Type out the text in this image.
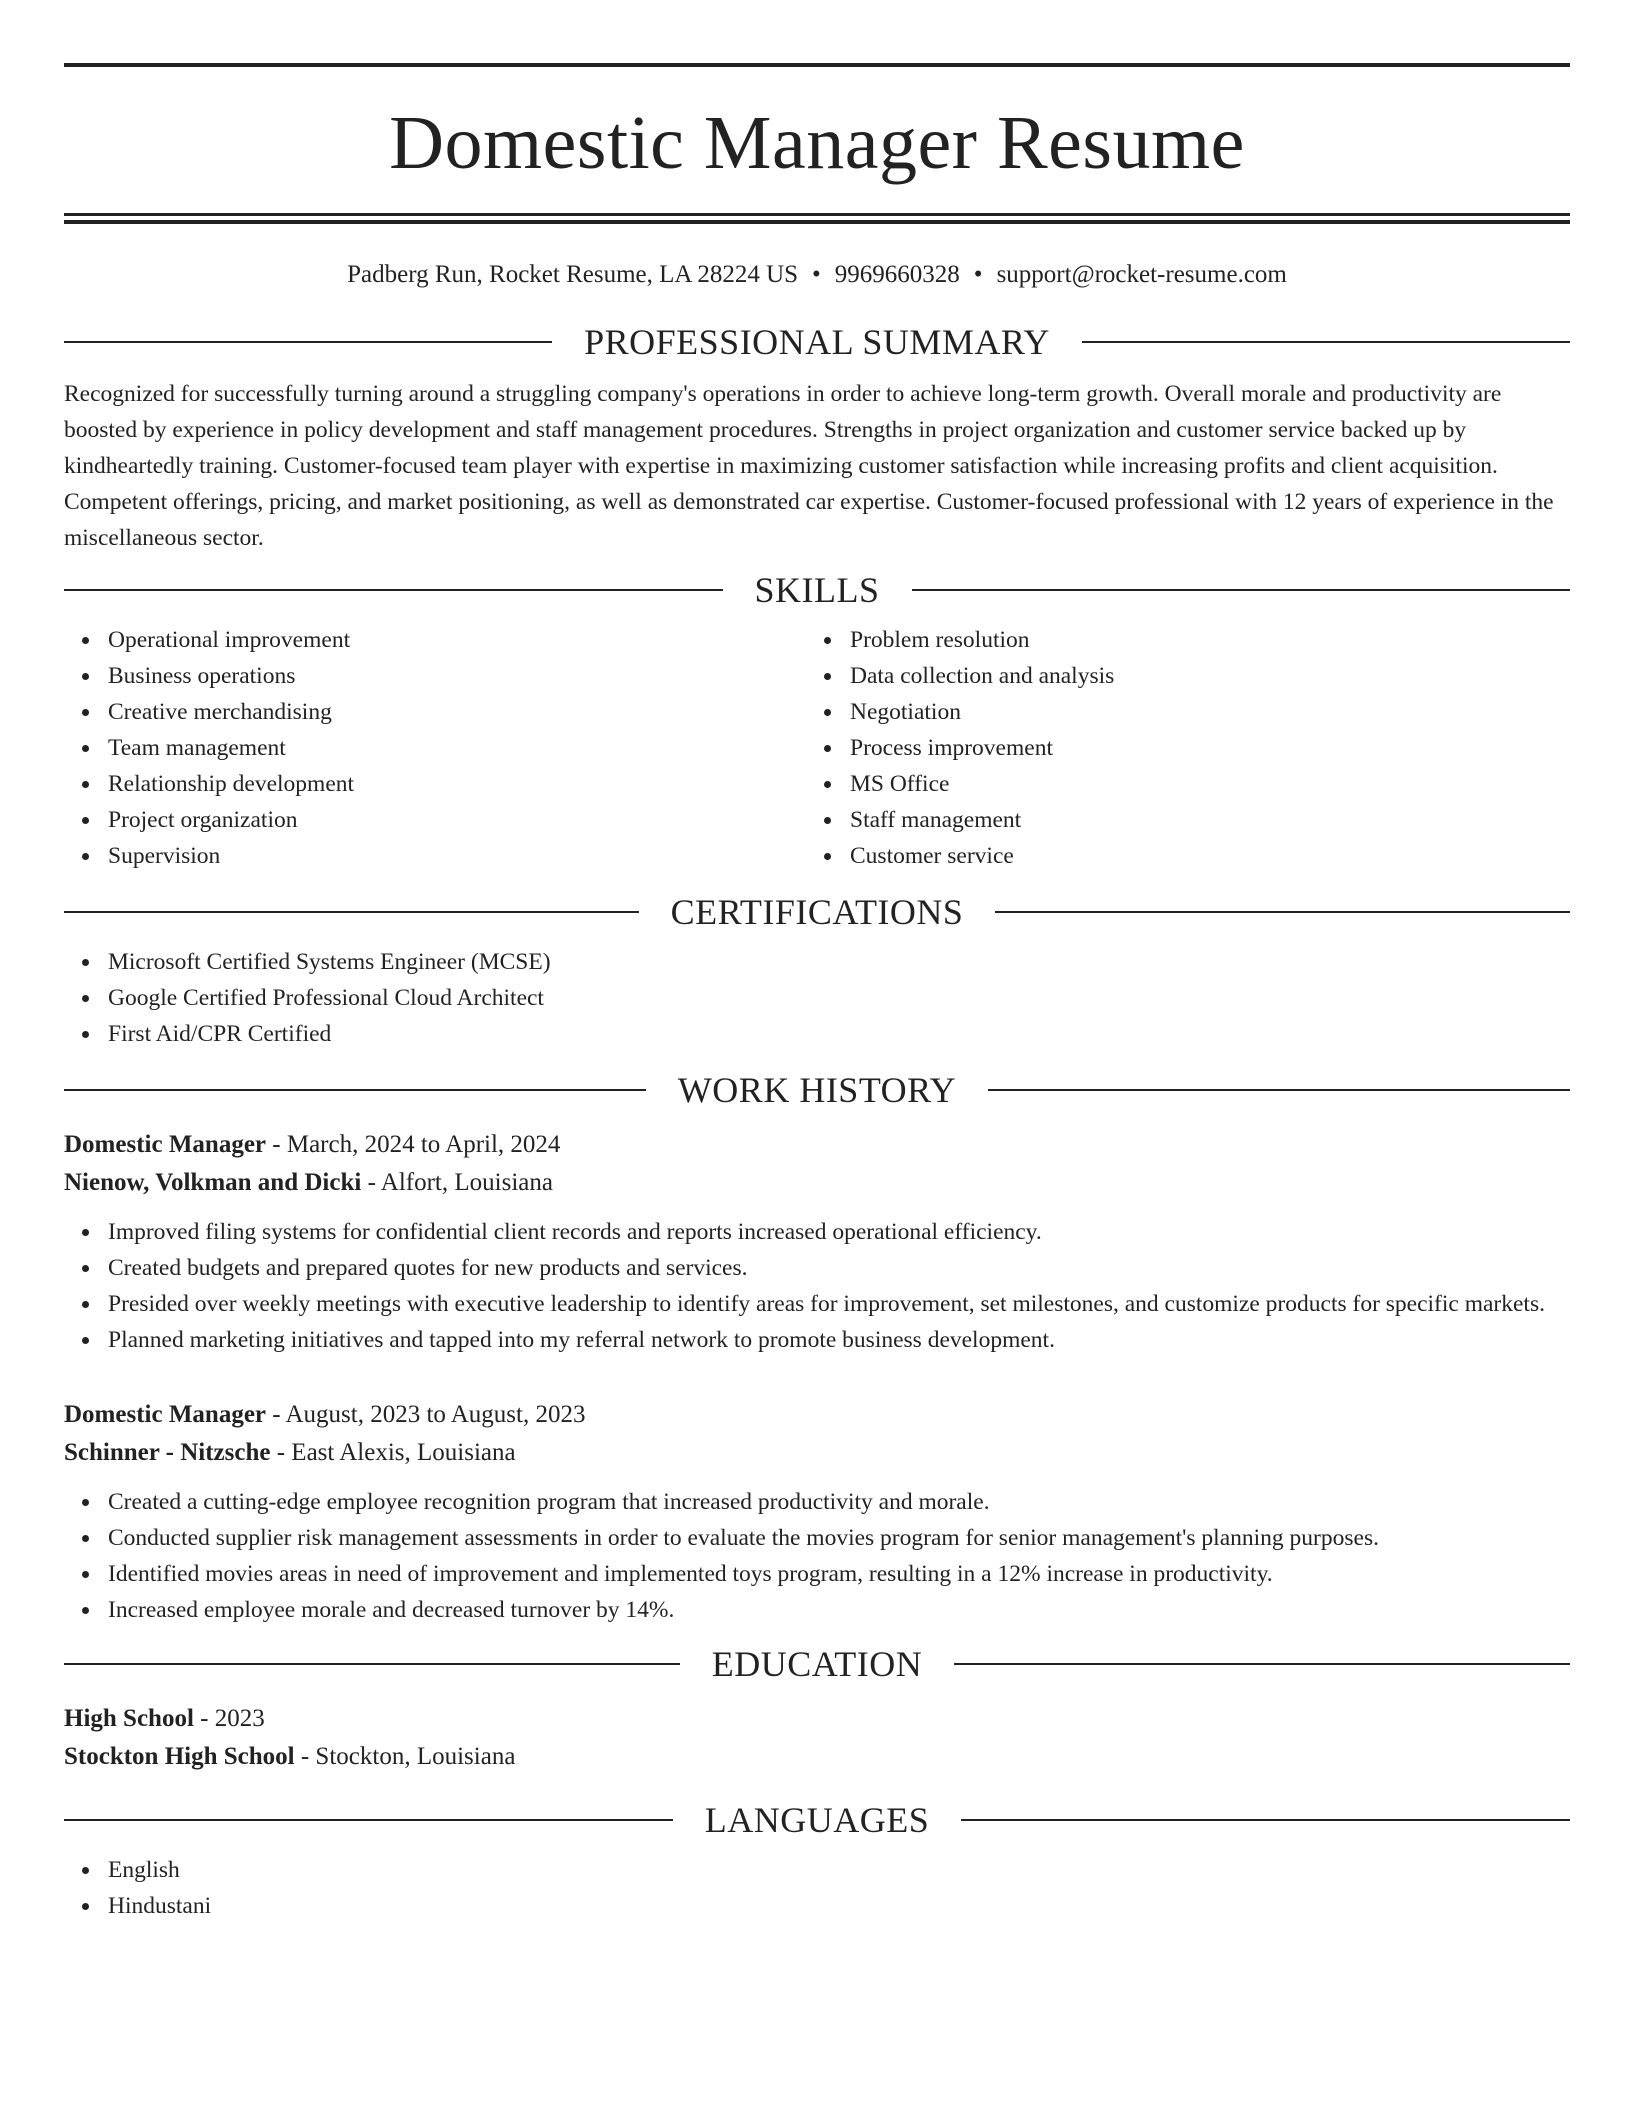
Domestic Manager Resume
Padberg Run, Rocket Resume, LA 28224 US • 9969660328 • support@rocket-resume.com
PROFESSIONAL SUMMARY

Recognized for successfully turning around a struggling company's operations in order to achieve long-term growth. Overall morale and productivity are boosted by experience in policy development and staff management procedures. Strengths in project organization and customer service backed up by kindheartedly training. Customer-focused team player with expertise in maximizing customer satisfaction while increasing profits and client acquisition. Competent offerings, pricing, and market positioning, as well as demonstrated car expertise. Customer-focused professional with 12 years of experience in the miscellaneous sector.

SKILLS
Operational improvement
Business operations
Creative merchandising
Team management
Relationship development
Project organization
Supervision
Problem resolution
Data collection and analysis
Negotiation
Process improvement
MS Office
Staff management
Customer service
CERTIFICATIONS
Microsoft Certified Systems Engineer (MCSE)
Google Certified Professional Cloud Architect
First Aid/CPR Certified
WORK HISTORY
Domestic Manager - March, 2024 to April, 2024
Nienow, Volkman and Dicki - Alfort, Louisiana
Improved filing systems for confidential client records and reports increased operational efficiency.
Created budgets and prepared quotes for new products and services.
Presided over weekly meetings with executive leadership to identify areas for improvement, set milestones, and customize products for specific markets.
Planned marketing initiatives and tapped into my referral network to promote business development.
Domestic Manager - August, 2023 to August, 2023
Schinner - Nitzsche - East Alexis, Louisiana
Created a cutting-edge employee recognition program that increased productivity and morale.
Conducted supplier risk management assessments in order to evaluate the movies program for senior management's planning purposes.
Identified movies areas in need of improvement and implemented toys program, resulting in a 12% increase in productivity.
Increased employee morale and decreased turnover by 14%.
EDUCATION
High School - 2023
Stockton High School - Stockton, Louisiana
LANGUAGES
English
Hindustani
